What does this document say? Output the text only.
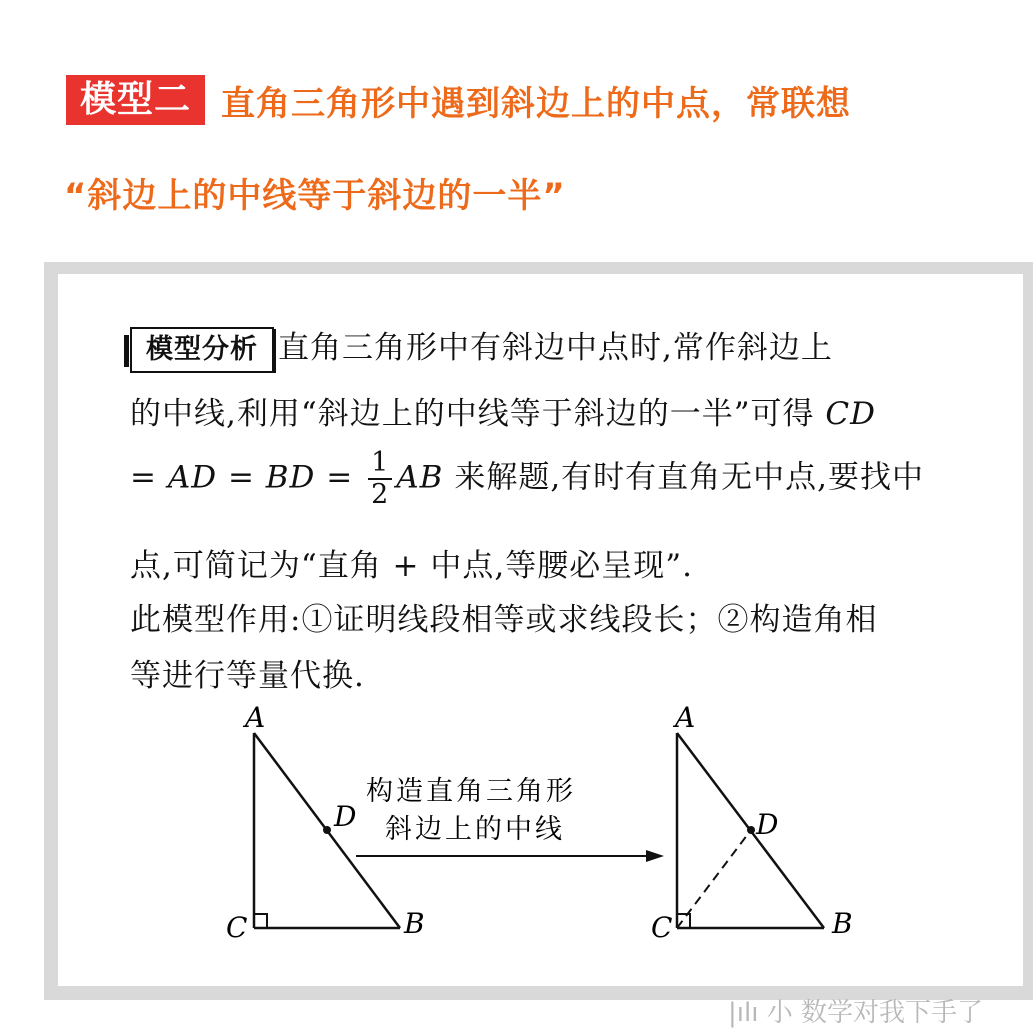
模型二 直角三角形中遇到斜边上的中点，常联想
“斜边上的中线等于斜边的一半”
模型分析 直角三角形中有斜边中点时,常作斜边上
的中线,利用“斜边上的中线等于斜边的一半”可得 CD
= AD = BD = $\frac{1}{2}$ AB 来解题,有时有直角无中点,要找中
点,可简记为“直角 + 中点,等腰必呈现”.
此模型作用:①证明线段相等或求线段长；②构造角相
等进行等量代换.
A
D
C	B
构造直角三角形
斜边上的中线
A
D
C	B
|ılı 小 数学对我下手了
